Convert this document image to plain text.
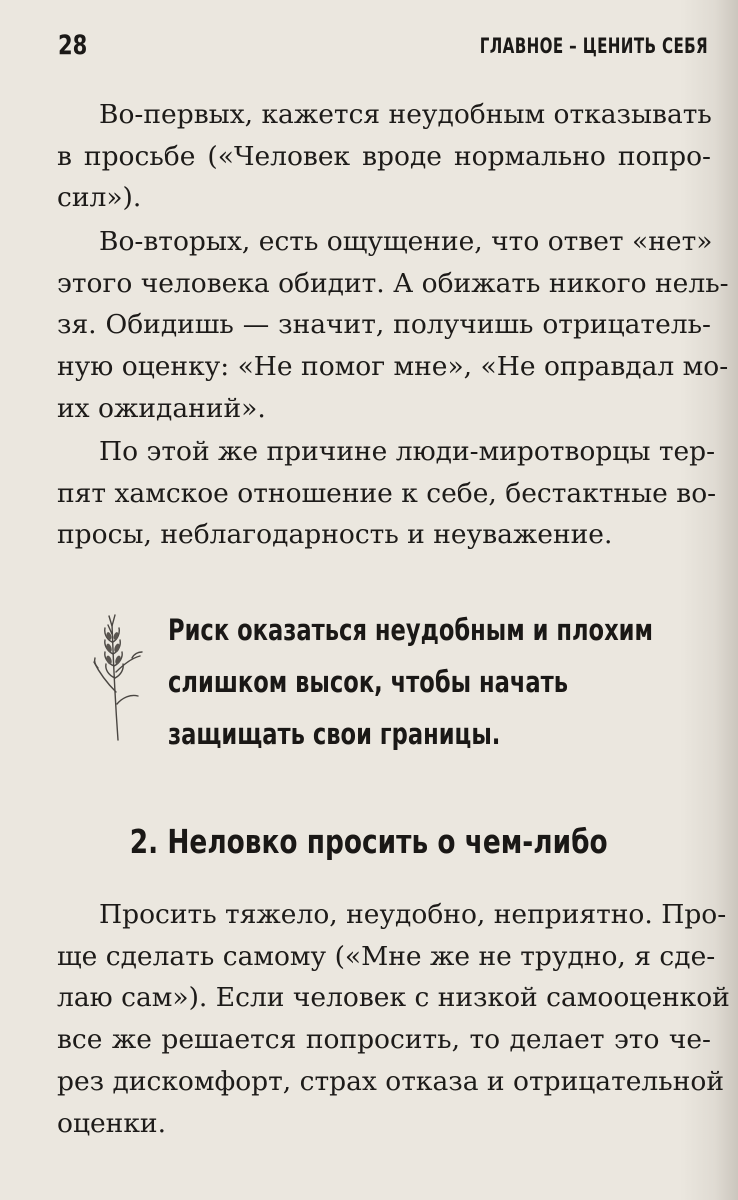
28	ГЛАВНОЕ – ЦЕНИТЬ СЕБЯ

Во-первых, кажется неудобным отказывать
в просьбе («Человек вроде нормально попро-
сил»).

Во-вторых, есть ощущение, что ответ «нет»
этого человека обидит. А обижать никого нель-
зя. Обидишь — значит, получишь отрицатель-
ную оценку: «Не помог мне», «Не оправдал мо-
их ожиданий».

По этой же причине люди-миротворцы тер-
пят хамское отношение к себе, бестактные во-
просы, неблагодарность и неуважение.

Риск оказаться неудобным и плохим
слишком высок, чтобы начать
защищать свои границы.
2. Неловко просить о чем-либо

Просить тяжело, неудобно, неприятно. Про-
ще сделать самому («Мне же не трудно, я сде-
лаю сам»). Если человек с низкой самооценкой
все же решается попросить, то делает это че-
рез дискомфорт, страх отказа и отрицательной
оценки.
